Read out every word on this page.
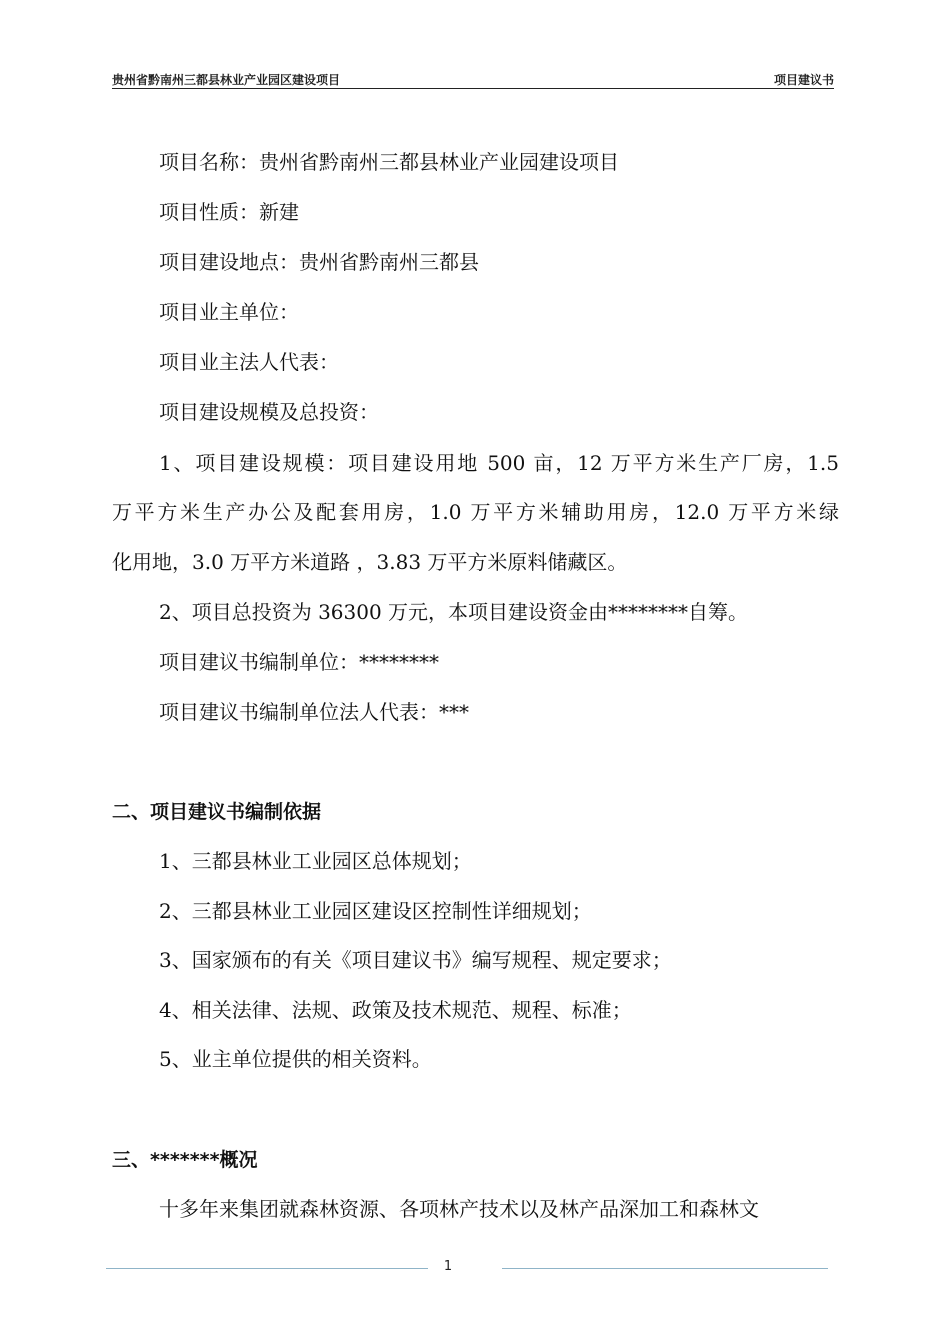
贵州省黔南州三都县林业产业园区建设项目	项目建议书
项目名称：贵州省黔南州三都县林业产业园建设项目
项目性质：新建
项目建设地点：贵州省黔南州三都县
项目业主单位：
项目业主法人代表：
项目建设规模及总投资：
1、项目建设规模：项目建设用地 500 亩，12 万平方米生产厂房，1.5
万平方米生产办公及配套用房，1.0 万平方米辅助用房，12.0 万平方米绿
化用地，3.0 万平方米道路 ，3.83 万平方米原料储藏区。
2、项目总投资为 36300 万元，本项目建设资金由********自筹。
项目建议书编制单位：********
项目建议书编制单位法人代表：***
二、项目建议书编制依据
1、三都县林业工业园区总体规划；
2、三都县林业工业园区建设区控制性详细规划；
3、国家颁布的有关《项目建议书》编写规程、规定要求；
4、相关法律、法规、政策及技术规范、规程、标准；
5、业主单位提供的相关资料。
三、*******概况
十多年来集团就森林资源、各项林产技术以及林产品深加工和森林文
1
